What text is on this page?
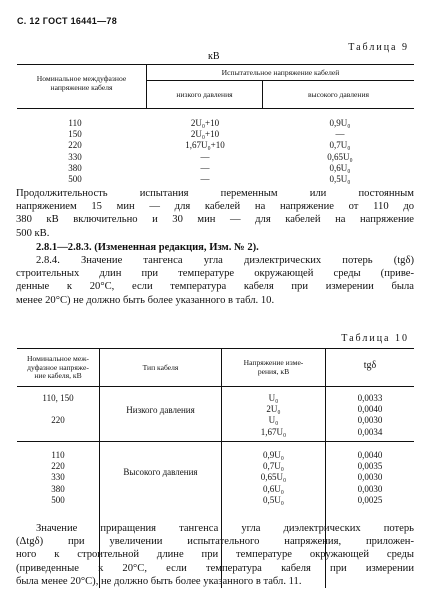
С. 12 ГОСТ 16441—78
Таблица 9
кВ
Номинальное междуфазное напряжение кабеля
Испытательное напряжение кабелей
низкого давления	высокого давления
110
150
220
330
380
500
2U₀+10
2U₀+10
1,67U₀+10
—
—
—
0,9U₀
—
0,7U₀
0,65U₀
0,6U₀
0,5U₀
Продолжительность испытания переменным или постоянным
напряжением 15 мин — для кабелей на напряжение от 110 до
380 кВ включительно и 30 мин — для кабелей на напряжение
500 кВ.
2.8.1—2.8.3. (Измененная редакция, Изм. № 2).
2.8.4. Значение тангенса угла диэлектрических потерь (tgδ)
строительных длин при температуре окружающей среды (приве-
денные к 20°С, если температура кабеля при измерении была
менее 20°С) не должно быть более указанного в табл. 10.
Таблица 10
Номинальное меж-
дуфазное напряже-
ние кабеля, кВ
Тип кабеля
Напряжение изме-
рения, кВ
tgδ
110, 150

220
Низкого давления
U₀
2U₀
U₀
1,67U₀
0,0033
0,0040
0,0030
0,0034
110
220
330
380
500
Высокого давления
0,9U₀
0,7U₀
0,65U₀
0,6U₀
0,5U₀
0,0040
0,0035
0,0030
0,0030
0,0025
Значение приращения тангенса угла диэлектрических потерь
(Δtgδ) при увеличении испытательного напряжения, приложен-
ного к строительной длине при температуре окружающей среды
(приведенные к 20°С, если температура кабеля при измерении
была менее 20°С), не должно быть более указанного в табл. 11.
